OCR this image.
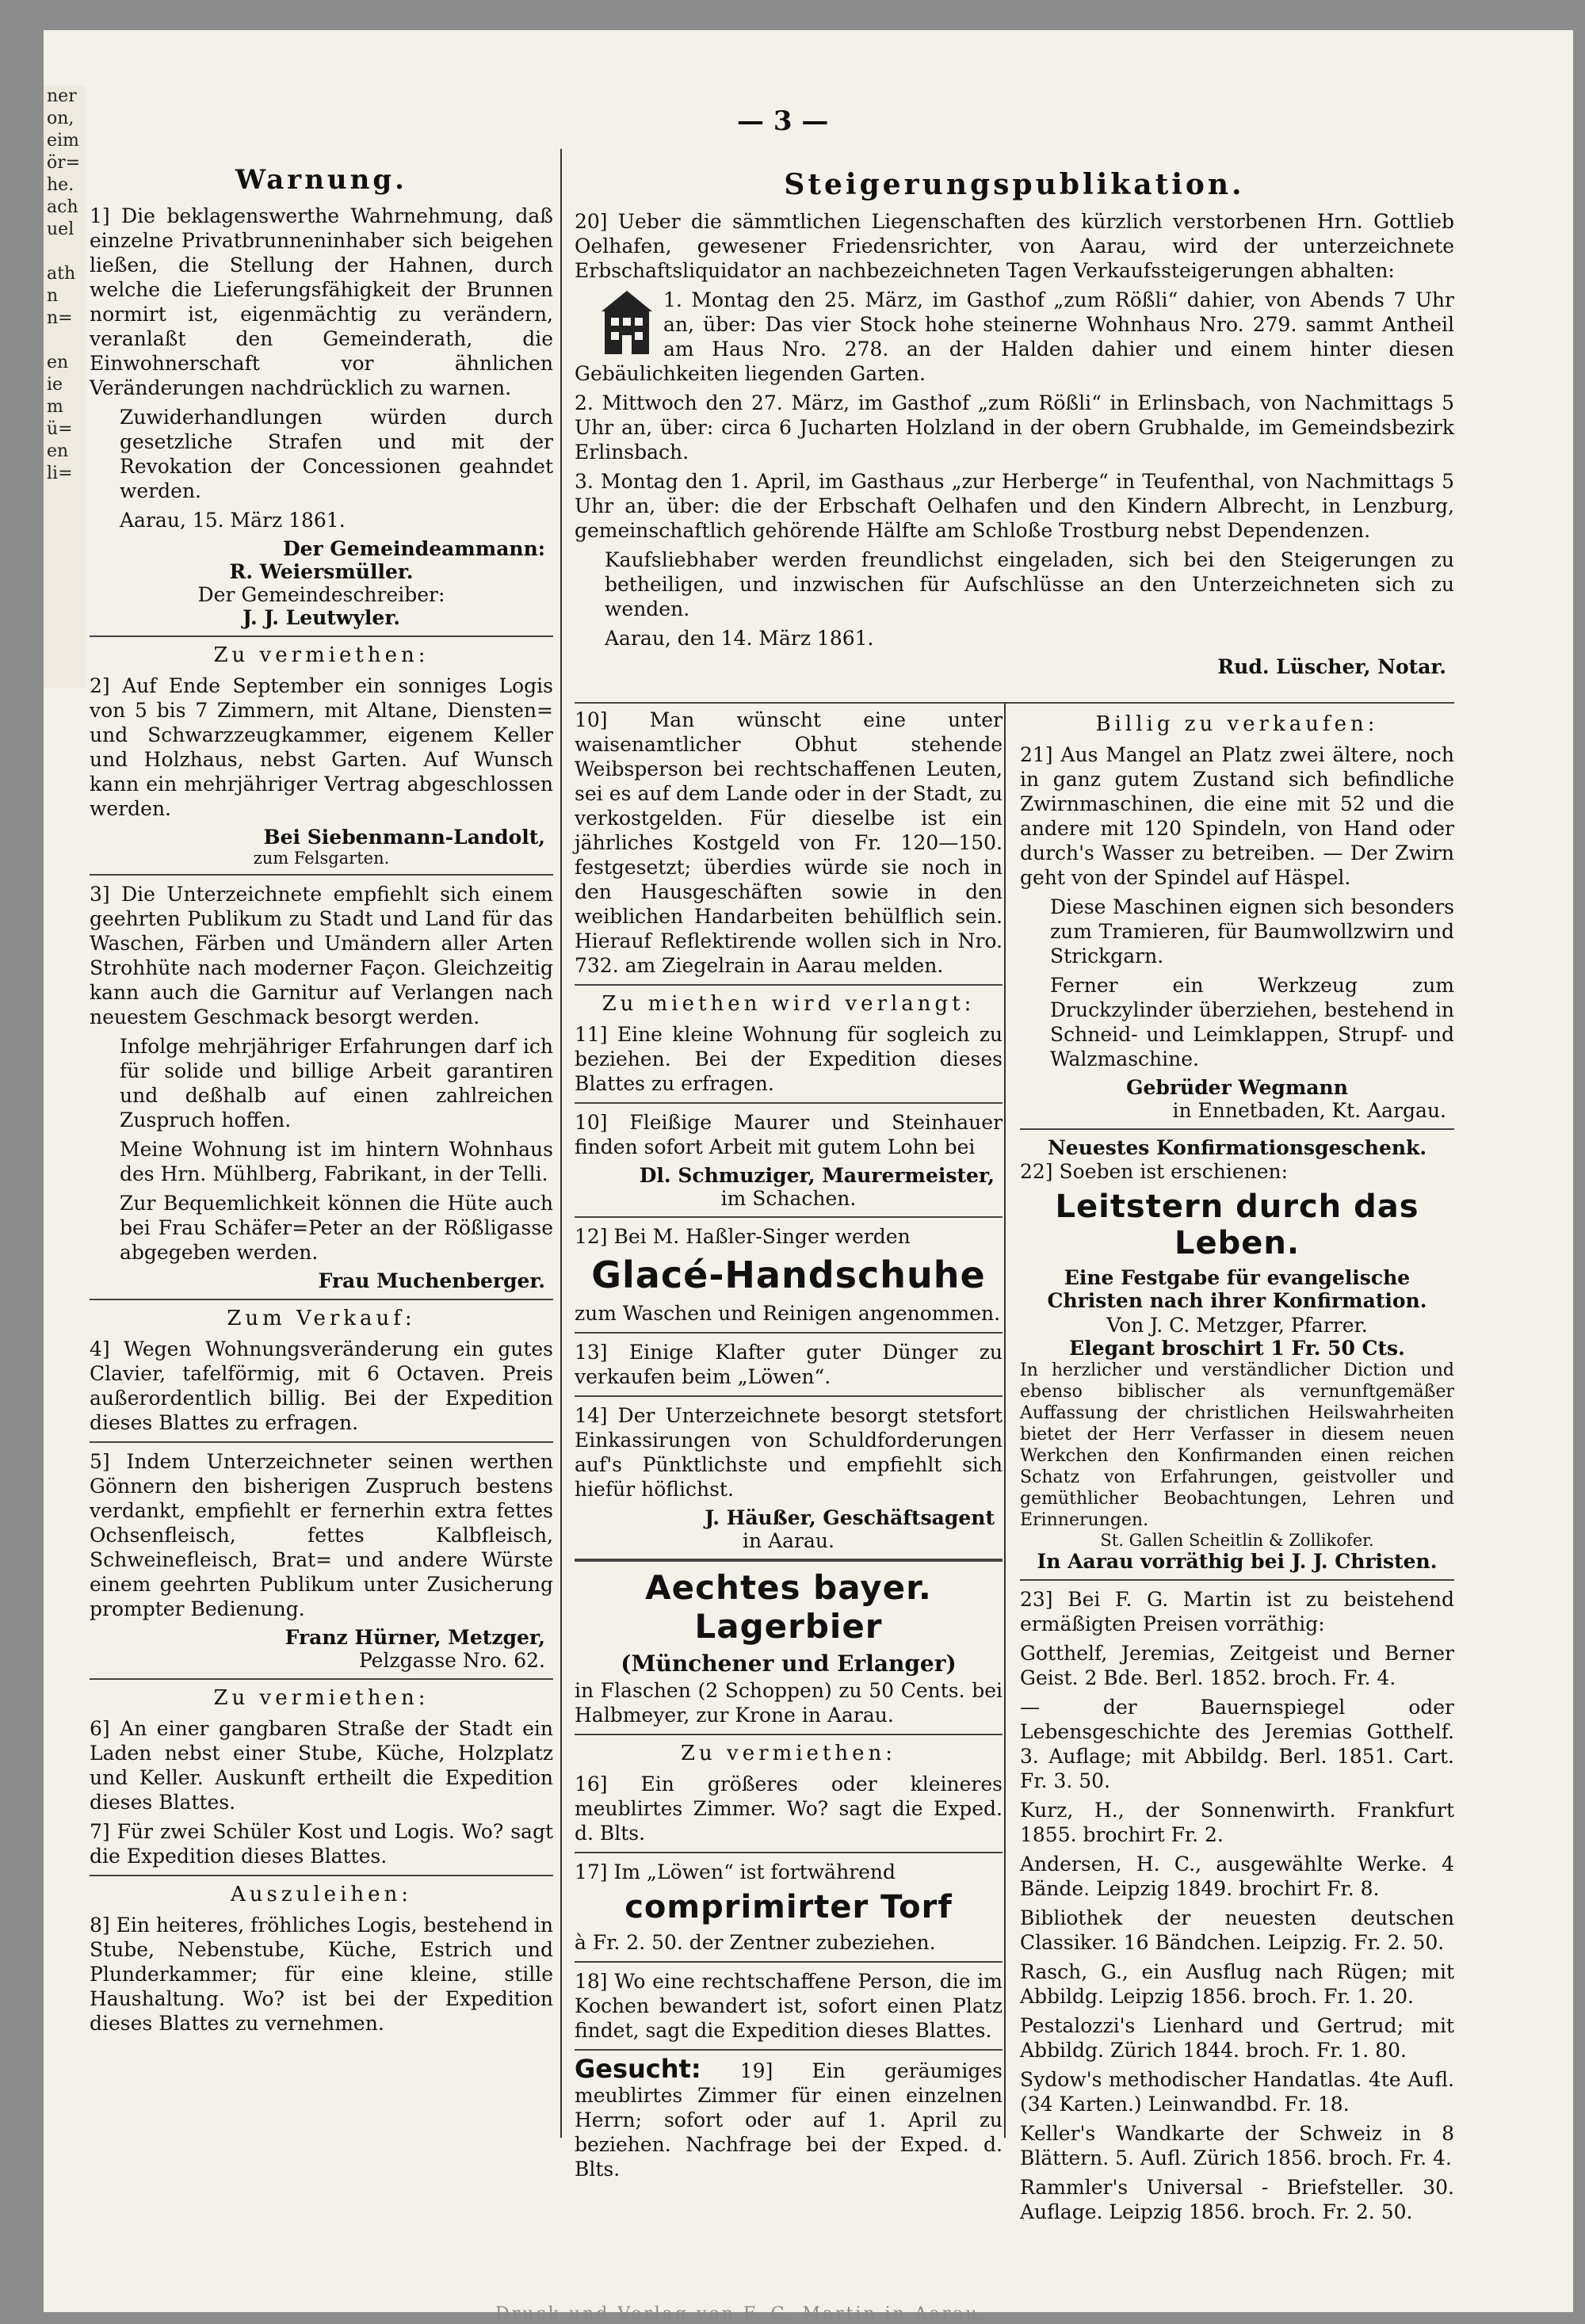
ner
on,
eim
ör=
he.
ach
uel

ath
n
n=

en
ie
m
ü=
en
li=
— 3 —
Warnung.
1] Die beklagenswerthe Wahrnehmung, daß einzelne Privatbrunneninhaber sich beigehen ließen, die Stellung der Hahnen, durch welche die Lieferungsfähigkeit der Brunnen normirt ist, eigenmächtig zu verändern, veranlaßt den Gemeinderath, die Einwohnerschaft vor ähnlichen Veränderungen nachdrücklich zu warnen.
Zuwiderhandlungen würden durch gesetzliche Strafen und mit der Revokation der Concessionen geahndet werden.
Aarau, 15. März 1861.
Der Gemeindeammann:
R. Weiersmüller.
Der Gemeindeschreiber:
J. J. Leutwyler.
Zu vermiethen:
2] Auf Ende September ein sonniges Logis von 5 bis 7 Zimmern, mit Altane, Diensten= und Schwarzzeugkammer, eigenem Keller und Holzhaus, nebst Garten. Auf Wunsch kann ein mehrjähriger Vertrag abgeschlossen werden.
Bei Siebenmann-Landolt,
zum Felsgarten.
3] Die Unterzeichnete empfiehlt sich einem geehrten Publikum zu Stadt und Land für das Waschen, Färben und Umändern aller Arten Strohhüte nach moderner Façon. Gleichzeitig kann auch die Garnitur auf Verlangen nach neuestem Geschmack besorgt werden.
Infolge mehrjähriger Erfahrungen darf ich für solide und billige Arbeit garantiren und deßhalb auf einen zahlreichen Zuspruch hoffen.
Meine Wohnung ist im hintern Wohnhaus des Hrn. Mühlberg, Fabrikant, in der Telli.
Zur Bequemlichkeit können die Hüte auch bei Frau Schäfer=Peter an der Rößligasse abgegeben werden.
Frau Muchenberger.
Zum Verkauf:
4] Wegen Wohnungsveränderung ein gutes Clavier, tafelförmig, mit 6 Octaven. Preis außerordentlich billig. Bei der Expedition dieses Blattes zu erfragen.
5] Indem Unterzeichneter seinen werthen Gönnern den bisherigen Zuspruch bestens verdankt, empfiehlt er fernerhin extra fettes Ochsenfleisch, fettes Kalbfleisch, Schweinefleisch, Brat= und andere Würste einem geehrten Publikum unter Zusicherung prompter Bedienung.
Franz Hürner, Metzger,
Pelzgasse Nro. 62.
Zu vermiethen:
6] An einer gangbaren Straße der Stadt ein Laden nebst einer Stube, Küche, Holzplatz und Keller. Auskunft ertheilt die Expedition dieses Blattes.
7] Für zwei Schüler Kost und Logis. Wo? sagt die Expedition dieses Blattes.
Auszuleihen:
8] Ein heiteres, fröhliches Logis, bestehend in Stube, Nebenstube, Küche, Estrich und Plunderkammer; für eine kleine, stille Haushaltung. Wo? ist bei der Expedition dieses Blattes zu vernehmen.
Steigerungspublikation.
20] Ueber die sämmtlichen Liegenschaften des kürzlich verstorbenen Hrn. Gottlieb Oelhafen, gewesener Friedensrichter, von Aarau, wird der unterzeichnete Erbschaftsliquidator an nachbezeichneten Tagen Verkaufssteigerungen abhalten:
1. Montag den 25. März, im Gasthof „zum Rößli“ dahier, von Abends 7 Uhr an, über: Das vier Stock hohe steinerne Wohnhaus Nro. 279. sammt Antheil am Haus Nro. 278. an der Halden dahier und einem hinter diesen Gebäulichkeiten liegenden Garten.
2. Mittwoch den 27. März, im Gasthof „zum Rößli“ in Erlinsbach, von Nachmittags 5 Uhr an, über: circa 6 Jucharten Holzland in der obern Grubhalde, im Gemeindsbezirk Erlinsbach.
3. Montag den 1. April, im Gasthaus „zur Herberge“ in Teufenthal, von Nachmittags 5 Uhr an, über: die der Erbschaft Oelhafen und den Kindern Albrecht, in Lenzburg, gemeinschaftlich gehörende Hälfte am Schloße Trostburg nebst Dependenzen.
Kaufsliebhaber werden freundlichst eingeladen, sich bei den Steigerungen zu betheiligen, und inzwischen für Aufschlüsse an den Unterzeichneten sich zu wenden.
Aarau, den 14. März 1861.
Rud. Lüscher, Notar.
10] Man wünscht eine unter waisenamtlicher Obhut stehende Weibsperson bei rechtschaffenen Leuten, sei es auf dem Lande oder in der Stadt, zu verkostgelden. Für dieselbe ist ein jährliches Kostgeld von Fr. 120—150. festgesetzt; überdies würde sie noch in den Hausgeschäften sowie in den weiblichen Handarbeiten behülflich sein. Hierauf Reflektirende wollen sich in Nro. 732. am Ziegelrain in Aarau melden.
Zu miethen wird verlangt:
11] Eine kleine Wohnung für sogleich zu beziehen. Bei der Expedition dieses Blattes zu erfragen.
10] Fleißige Maurer und Steinhauer finden sofort Arbeit mit gutem Lohn bei
Dl. Schmuziger, Maurermeister,
im Schachen.
12] Bei M. Haßler-Singer werden
Glacé-Handschuhe
zum Waschen und Reinigen angenommen.
13] Einige Klafter guter Dünger zu verkaufen beim „Löwen“.
14] Der Unterzeichnete besorgt stetsfort Einkassirungen von Schuldforderungen auf's Pünktlichste und empfiehlt sich hiefür höflichst.
J. Häußer, Geschäftsagent
in Aarau.
Aechtes bayer. Lagerbier
(Münchener und Erlanger)
in Flaschen (2 Schoppen) zu 50 Cents. bei Halbmeyer, zur Krone in Aarau.
Zu vermiethen:
16] Ein größeres oder kleineres meublirtes Zimmer. Wo? sagt die Exped. d. Blts.
17] Im „Löwen“ ist fortwährend
comprimirter Torf
à Fr. 2. 50. der Zentner zubeziehen.
18] Wo eine rechtschaffene Person, die im Kochen bewandert ist, sofort einen Platz findet, sagt die Expedition dieses Blattes.
Gesucht: 19] Ein geräumiges meublirtes Zimmer für einen einzelnen Herrn; sofort oder auf 1. April zu beziehen. Nachfrage bei der Exped. d. Blts.
Billig zu verkaufen:
21] Aus Mangel an Platz zwei ältere, noch in ganz gutem Zustand sich befindliche Zwirnmaschinen, die eine mit 52 und die andere mit 120 Spindeln, von Hand oder durch's Wasser zu betreiben. — Der Zwirn geht von der Spindel auf Häspel.
Diese Maschinen eignen sich besonders zum Tramieren, für Baumwollzwirn und Strickgarn.
Ferner ein Werkzeug zum Druckzylinder überziehen, bestehend in Schneid- und Leimklappen, Strupf- und Walzmaschine.
Gebrüder Wegmann
in Ennetbaden, Kt. Aargau.
Neuestes Konfirmationsgeschenk.
22] Soeben ist erschienen:
Leitstern durch das Leben.
Eine Festgabe für evangelische Christen nach ihrer Konfirmation.
Von J. C. Metzger, Pfarrer.
Elegant broschirt 1 Fr. 50 Cts.
In herzlicher und verständlicher Diction und ebenso biblischer als vernunftgemäßer Auffassung der christlichen Heilswahrheiten bietet der Herr Verfasser in diesem neuen Werkchen den Konfirmanden einen reichen Schatz von Erfahrungen, geistvoller und gemüthlicher Beobachtungen, Lehren und Erinnerungen.
St. Gallen Scheitlin & Zollikofer.
In Aarau vorräthig bei J. J. Christen.
23] Bei F. G. Martin ist zu beistehend ermäßigten Preisen vorräthig:
Gotthelf, Jeremias, Zeitgeist und Berner Geist. 2 Bde. Berl. 1852. broch. Fr. 4.
— der Bauernspiegel oder Lebensgeschichte des Jeremias Gotthelf. 3. Auflage; mit Abbildg. Berl. 1851. Cart. Fr. 3. 50.
Kurz, H., der Sonnenwirth. Frankfurt 1855. brochirt Fr. 2.
Andersen, H. C., ausgewählte Werke. 4 Bände. Leipzig 1849. brochirt Fr. 8.
Bibliothek der neuesten deutschen Classiker. 16 Bändchen. Leipzig. Fr. 2. 50.
Rasch, G., ein Ausflug nach Rügen; mit Abbildg. Leipzig 1856. broch. Fr. 1. 20.
Pestalozzi's Lienhard und Gertrud; mit Abbildg. Zürich 1844. broch. Fr. 1. 80.
Sydow's methodischer Handatlas. 4te Aufl. (34 Karten.) Leinwandbd. Fr. 18.
Keller's Wandkarte der Schweiz in 8 Blättern. 5. Aufl. Zürich 1856. broch. Fr. 4.
Rammler's Universal - Briefsteller. 30. Auflage. Leipzig 1856. broch. Fr. 2. 50.
Druck und Verlag von F. G. Martin in Aarau.
